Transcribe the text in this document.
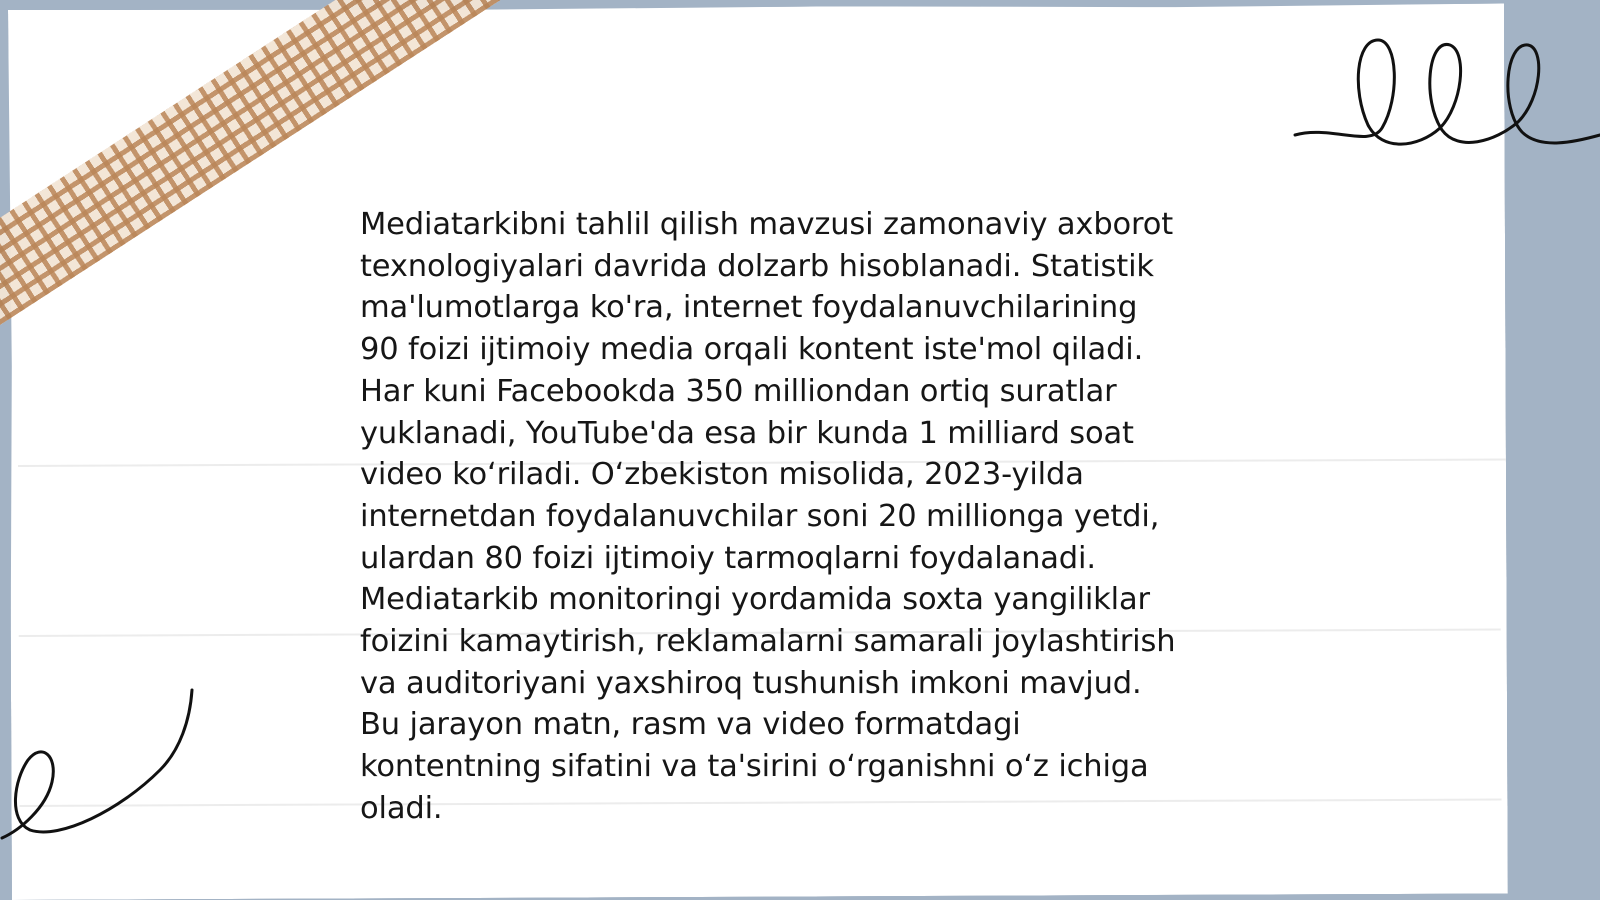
Mediatarkibni tahlil qilish mavzusi zamonaviy axborot
texnologiyalari davrida dolzarb hisoblanadi. Statistik
ma'lumotlarga ko'ra, internet foydalanuvchilarining
90 foizi ijtimoiy media orqali kontent iste'mol qiladi.
Har kuni Facebookda 350 milliondan ortiq suratlar
yuklanadi, YouTube'da esa bir kunda 1 milliard soat
video koʻriladi. Oʻzbekiston misolida, 2023-yilda
internetdan foydalanuvchilar soni 20 millionga yetdi,
ulardan 80 foizi ijtimoiy tarmoqlarni foydalanadi.
Mediatarkib monitoringi yordamida soxta yangiliklar
foizini kamaytirish, reklamalarni samarali joylashtirish
va auditoriyani yaxshiroq tushunish imkoni mavjud.
Bu jarayon matn, rasm va video formatdagi
kontentning sifatini va ta'sirini oʻrganishni oʻz ichiga
oladi.
